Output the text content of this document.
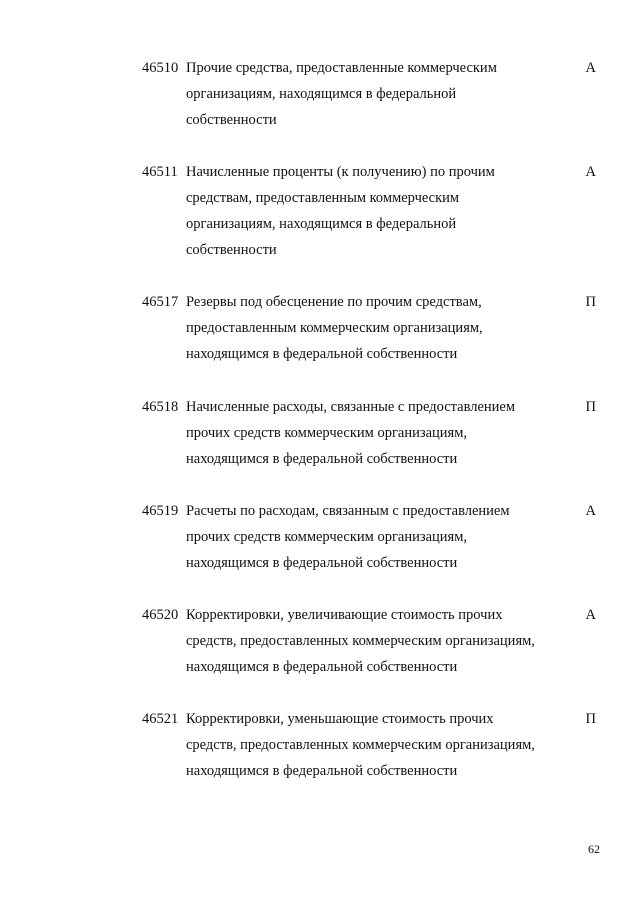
46510 Прочие средства, предоставленные коммерческим
организациям, находящимся в федеральной
собственности
А
46511 Начисленные проценты (к получению) по прочим
средствам, предоставленным коммерческим
организациям, находящимся в федеральной
собственности
А
46517 Резервы под обесценение по прочим средствам,
предоставленным коммерческим организациям,
находящимся в федеральной собственности
П
46518 Начисленные расходы, связанные с предоставлением
прочих средств коммерческим организациям,
находящимся в федеральной собственности
П
46519 Расчеты по расходам, связанным с предоставлением
прочих средств коммерческим организациям,
находящимся в федеральной собственности
А
46520 Корректировки, увеличивающие стоимость прочих
средств, предоставленных коммерческим организациям,
находящимся в федеральной собственности
А
46521 Корректировки, уменьшающие стоимость прочих
средств, предоставленных коммерческим организациям,
находящимся в федеральной собственности
П
62
